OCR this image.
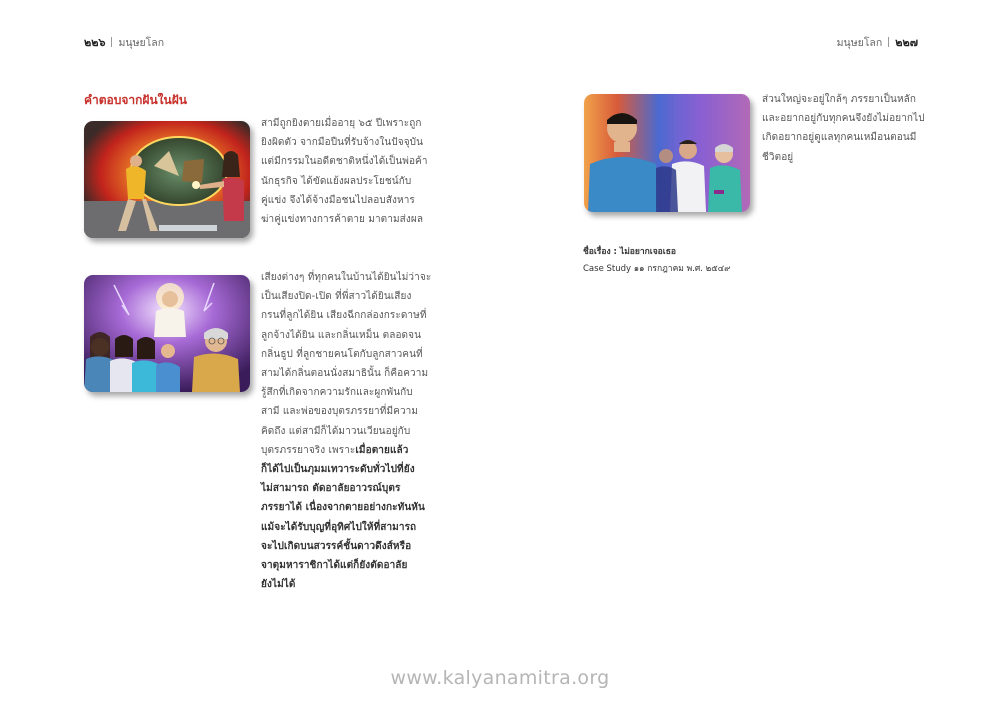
๒๒๖ มนุษยโลก
คำตอบจากฝันในฝัน
สามีถูกยิงตายเมื่ออายุ ๖๕ ปีเพราะถูก
ยิงผิดตัว จากมือปืนที่รับจ้างในปัจจุบัน
แต่มีกรรมในอดีตชาติหนึ่งได้เป็นพ่อค้า
นักธุรกิจ ได้ขัดแย้งผลประโยชน์กับ
คู่แข่ง จึงได้จ้างมือชนไปลอบสังหาร
ฆ่าคู่แข่งทางการค้าตาย มาตามส่งผล
เสียงต่างๆ ที่ทุกคนในบ้านได้ยินไม่ว่าจะ
เป็นเสียงปิด-เปิด ที่พี่สาวได้ยินเสียง
กรนที่ลูกได้ยิน เสียงฉีกกล่องกระดาษที่
ลูกจ้างได้ยิน และกลิ่นเหม็น ตลอดจน
กลิ่นธูป ที่ลูกชายคนโตกับลูกสาวคนที่
สามได้กลิ่นตอนนั่งสมาธินั้น ก็คือความ
รู้สึกที่เกิดจากความรักและผูกพันกับ
สามี และพ่อของบุตรภรรยาที่มีความ
คิดถึง แต่สามีก็ได้มาวนเวียนอยู่กับ
บุตรภรรยาจริง เพราะเมื่อตายแล้ว
ก็ได้ไปเป็นภุมมเทวาระดับทั่วไปที่ยัง
ไม่สามารถ ตัดอาลัยอาวรณ์บุตร
ภรรยาได้ เนื่องจากตายอย่างกะทันหัน
แม้จะได้รับบุญที่อุทิศไปให้ที่สามารถ
จะไปเกิดบนสวรรค์ชั้นดาวดึงส์หรือ
จาตุมหาราชิกาได้แต่ก็ยังตัดอาลัย
ยังไม่ได้
มนุษยโลก ๒๒๗
ส่วนใหญ่จะอยู่ใกล้ๆ ภรรยาเป็นหลัก
และอยากอยู่กับทุกคนจึงยังไม่อยากไป
เกิดอยากอยู่ดูแลทุกคนเหมือนตอนมี
ชีวิตอยู่
ชื่อเรื่อง : ไม่อยากเจอเธอ
Case Study ๑๑ กรกฎาคม พ.ศ. ๒๕๔๙
www.kalyanamitra.org
